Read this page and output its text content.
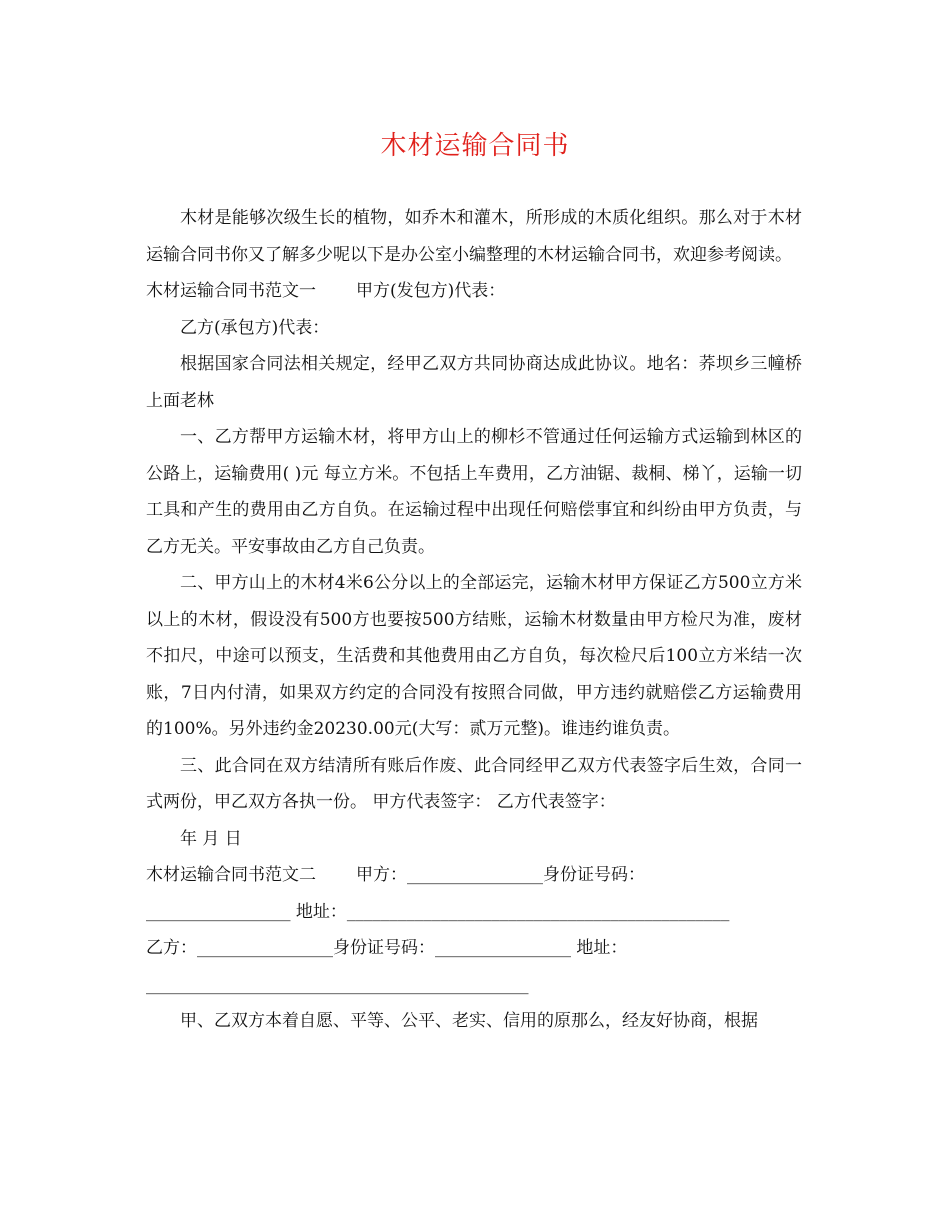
木材运输合同书

木材是能够次级生长的植物，如乔木和灌木，所形成的木质化组织。那么对于木材运输合同书你又了解多少呢以下是办公室小编整理的木材运输合同书，欢迎参考阅读。

木材运输合同书范文一 甲方(发包方)代表：

乙方(承包方)代表：

根据国家合同法相关规定，经甲乙双方共同协商达成此协议。地名：荞坝乡三幢桥上面老林

一、乙方帮甲方运输木材，将甲方山上的柳杉不管通过任何运输方式运输到林区的公路上，运输费用( )元 每立方米。不包括上车费用，乙方油锯、裁桐、梯丫，运输一切工具和产生的费用由乙方自负。在运输过程中出现任何赔偿事宜和纠纷由甲方负责，与乙方无关。平安事故由乙方自己负责。

二、甲方山上的木材4米6公分以上的全部运完，运输木材甲方保证乙方500立方米以上的木材，假设没有500方也要按500方结账，运输木材数量由甲方检尺为准，废材不扣尺，中途可以预支，生活费和其他费用由乙方自负，每次检尺后100立方米结一次账，7日内付清，如果双方约定的合同没有按照合同做，甲方违约就赔偿乙方运输费用的100%。另外违约金20230.00元(大写：贰万元整)。谁违约谁负责。

三、此合同在双方结清所有账后作废、此合同经甲乙双方代表签字后生效，合同一式两份，甲乙双方各执一份。 甲方代表签字： 乙方代表签字：

年 月 日

木材运输合同书范文二 甲方：________________身份证号码：

_________________ 地址：_____________________________________________

乙方：________________身份证号码：________________ 地址：

_____________________________________________

甲、乙双方本着自愿、平等、公平、老实、信用的原那么，经友好协商，根据
